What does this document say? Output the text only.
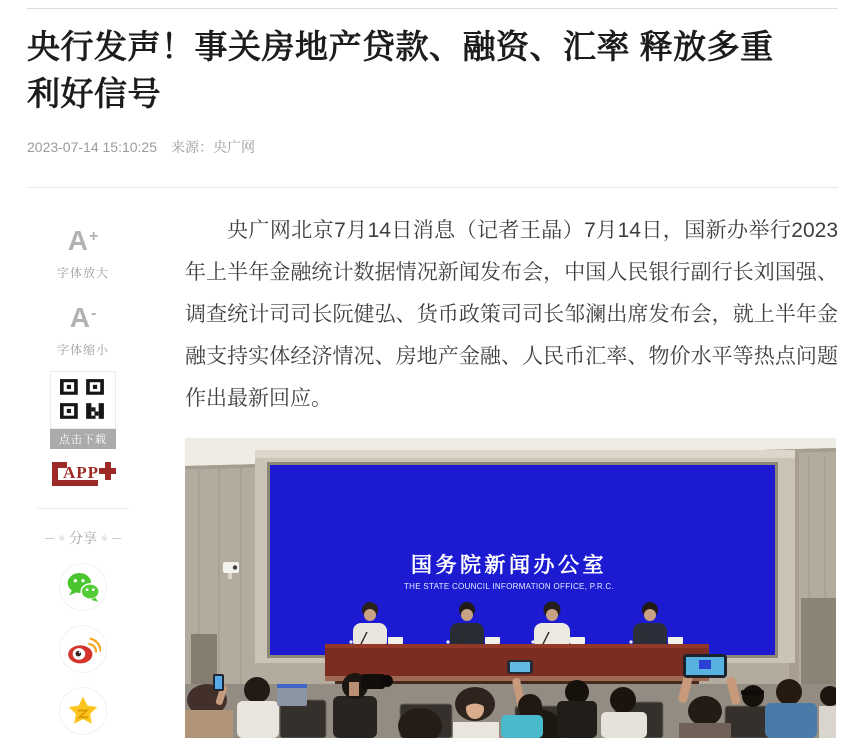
央行发声！事关房地产贷款、融资、汇率 释放多重利好信号
2023-07-14 15:10:25 来源：央广网
A+
字体放大
A-
字体缩小
点击下载
APP
※ 分享 ※

央广网北京7月14日消息（记者王晶）7月14日，国新办举行2023年上半年金融统计数据情况新闻发布会，中国人民银行副行长刘国强、调查统计司司长阮健弘、货币政策司司长邹澜出席发布会，就上半年金融支持实体经济情况、房地产金融、人民币汇率、物价水平等热点问题作出最新回应。

国务院新闻办公室
THE STATE COUNCIL INFORMATION OFFICE, P.R.C.
